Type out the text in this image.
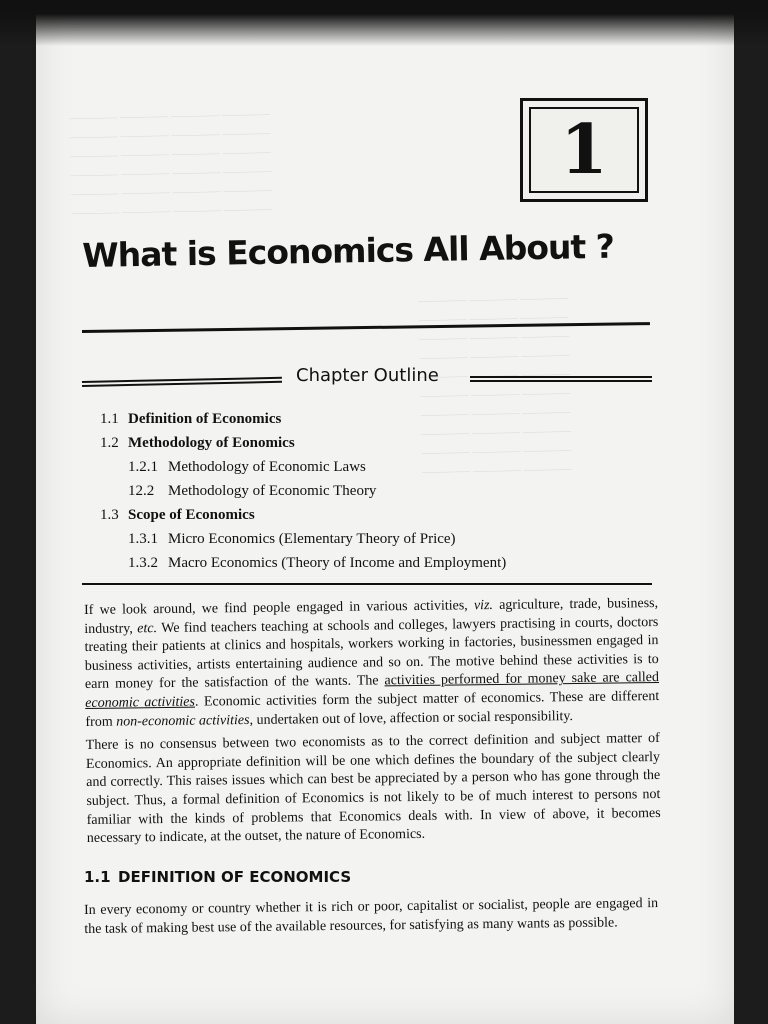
________ ________ ________ ________
________ ________ ________ ________
________ ________ ________ ________
________ ________ ________ ________
________ ________ ________ ________
________ ________ ________ ________
________ ________ ________
________ ________ ________
________ ________ ________
________ ________ ________
________ ________ ________
________ ________ ________
________ ________ ________
________ ________ ________
________ ________ ________
________ ________ ________
1
What is Economics All About ?
Chapter Outline
1.1 Definition of Economics
1.2 Methodology of Eonomics
1.2.1 Methodology of Economic Laws
12.2 Methodology of Economic Theory
1.3 Scope of Economics
1.3.1 Micro Economics (Elementary Theory of Price)
1.3.2 Macro Economics (Theory of Income and Employment)

If we look around, we find people engaged in various activities, viz. agriculture, trade, business, industry, etc. We find teachers teaching at schools and colleges, lawyers practising in courts, doctors treating their patients at clinics and hospitals, workers working in factories, businessmen engaged in business activities, artists entertaining audience and so on. The motive behind these activities is to earn money for the satisfaction of the wants. The activities performed for money sake are called economic activities. Economic activities form the subject matter of economics. These are different from non-economic activities, undertaken out of love, affection or social responsibility.

There is no consensus between two economists as to the correct definition and subject matter of Economics. An appropriate definition will be one which defines the boundary of the subject clearly and correctly. This raises issues which can best be appreciated by a person who has gone through the subject. Thus, a formal definition of Economics is not likely to be of much interest to persons not familiar with the kinds of problems that Economics deals with. In view of above, it becomes necessary to indicate, at the outset, the nature of Economics.

1.1 DEFINITION OF ECONOMICS

In every economy or country whether it is rich or poor, capitalist or socialist, people are engaged in the task of making best use of the available resources, for satisfying as many wants as possible.
